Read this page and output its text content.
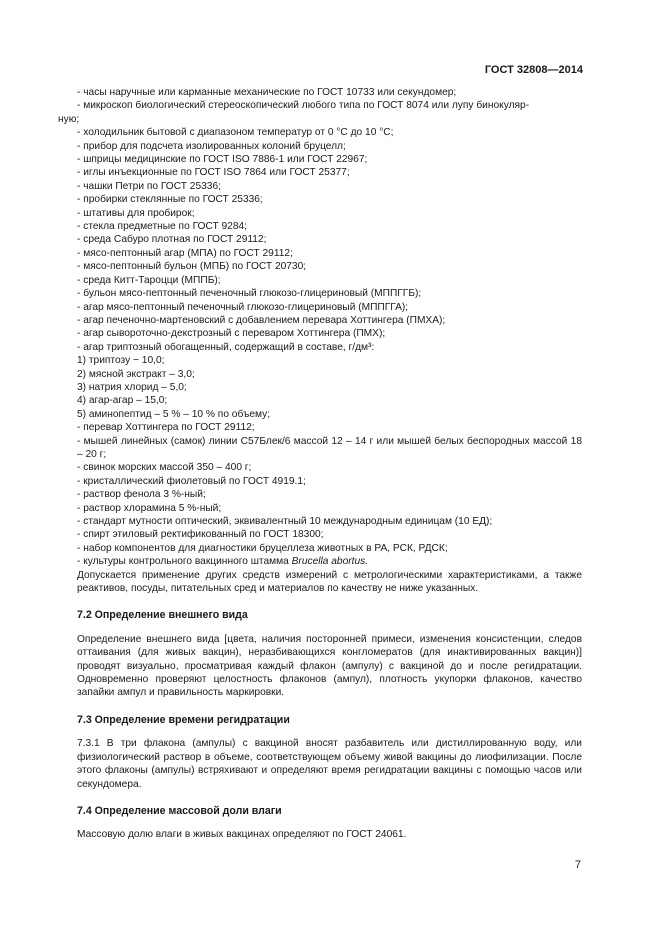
ГОСТ 32808—2014
- часы наручные или карманные механические по ГОСТ 10733 или секундомер;
- микроскоп биологический стереоскопический любого типа по ГОСТ 8074 или лупу бинокуляр-
ную;
- холодильник бытовой с диапазоном температур от 0 °С до 10 °С;
- прибор для подсчета изолированных колоний бруцелл;
- шприцы медицинские по ГОСТ ISO 7886-1 или ГОСТ 22967;
- иглы инъекционные по ГОСТ ISO 7864 или ГОСТ 25377;
- чашки Петри по ГОСТ 25336;
- пробирки стеклянные по ГОСТ 25336;
- штативы для пробирок;
- стекла предметные по ГОСТ 9284;
- среда Сабуро плотная по ГОСТ 29112;
- мясо-пептонный агар (МПА) по ГОСТ 29112;
- мясо-пептонный бульон (МПБ) по ГОСТ 20730;
- среда Китт-Тароцци (МППБ);
- бульон мясо-пептонный печеночный глюкозо-глицериновый (МППГГБ);
- агар мясо-пептонный печеночный глюкозо-глицериновый (МППГГА);
- агар печеночно-мартеновский с добавлением перевара Хоттингера (ПМХА);
- агар сывороточно-декстрозный с переваром Хоттингера (ПМХ);
- агар триптозный обогащенный, содержащий в составе, г/дм³:
1) триптозу − 10,0;
2) мясной экстракт – 3,0;
3) натрия хлорид – 5,0;
4) агар-агар – 15,0;
5) аминопептид – 5 % – 10 % по объему;
- перевар Хоттингера по ГОСТ 29112;
- мышей линейных (самок) линии С57Блек/6 массой 12 – 14 г или мышей белых беспородных массой 18 – 20 г;
- свинок морских массой 350 – 400 г;
- кристаллический фиолетовый по ГОСТ 4919.1;
- раствор фенола 3 %-ный;
- раствор хлорамина 5 %-ный;
- стандарт мутности оптический, эквивалентный 10 международным единицам (10 ЕД);
- спирт этиловый ректификованный по ГОСТ 18300;
- набор компонентов для диагностики бруцеллеза животных в РА, РСК, РДСК;
- культуры контрольного вакцинного штамма Brucella abortus.

Допускается применение других средств измерений с метрологическими характеристиками, а также реактивов, посуды, питательных сред и материалов по качеству не ниже указанных.

7.2 Определение внешнего вида

Определение внешнего вида [цвета, наличия посторонней примеси, изменения консистенции, следов оттаивания (для живых вакцин), неразбивающихся конгломератов (для инактивированных вакцин)] проводят визуально, просматривая каждый флакон (ампулу) с вакциной до и после регидратации. Одновременно проверяют целостность флаконов (ампул), плотность укупорки флаконов, качество запайки ампул и правильность маркировки.

7.3 Определение времени регидратации

7.3.1 В три флакона (ампулы) с вакциной вносят разбавитель или дистиллированную воду, или физиологический раствор в объеме, соответствующем объему живой вакцины до лиофилизации. После этого флаконы (ампулы) встряхивают и определяют время регидратации вакцины с помощью часов или секундомера.

7.4 Определение массовой доли влаги

Массовую долю влаги в живых вакцинах определяют по ГОСТ 24061.

7
